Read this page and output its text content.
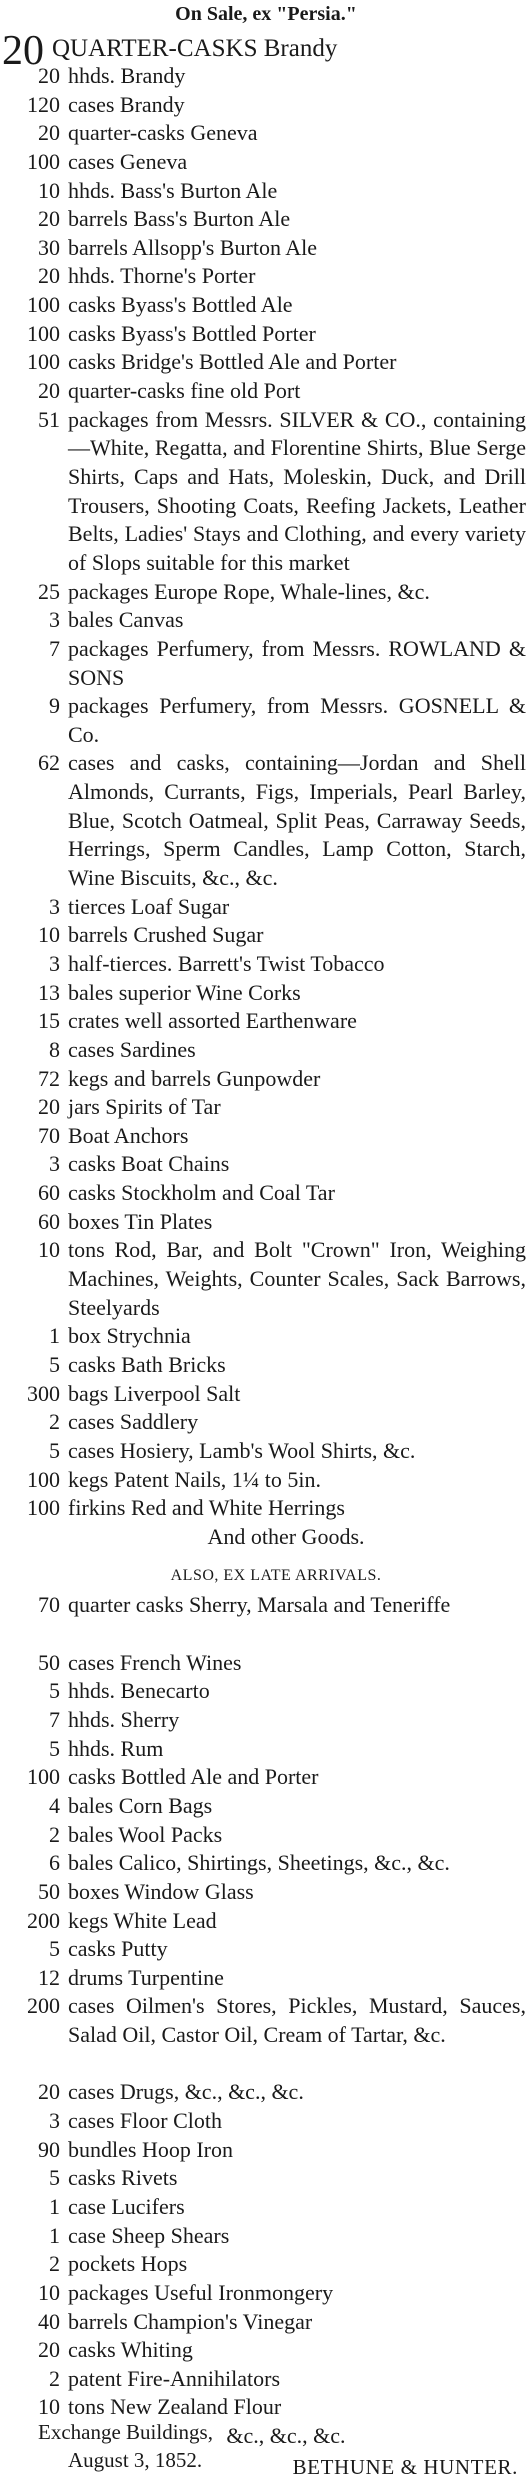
On Sale, ex "Persia."
20 QUARTER-CASKS Brandy
20 hhds. Brandy
120 cases Brandy
20 quarter-casks Geneva
100 cases Geneva
10 hhds. Bass's Burton Ale
20 barrels Bass's Burton Ale
30 barrels Allsopp's Burton Ale
20 hhds. Thorne's Porter
100 casks Byass's Bottled Ale
100 casks Byass's Bottled Porter
100 casks Bridge's Bottled Ale and Porter
20 quarter-casks fine old Port
51 packages from Messrs. SILVER & CO., containing—White, Regatta, and Florentine Shirts, Blue Serge Shirts, Caps and Hats, Moleskin, Duck, and Drill Trousers, Shooting Coats, Reefing Jackets, Leather Belts, Ladies' Stays and Clothing, and every variety of Slops suitable for this market
25 packages Europe Rope, Whale-lines, &c.
3 bales Canvas
7 packages Perfumery, from Messrs. ROWLAND & SONS
9 packages Perfumery, from Messrs. GOSNELL & Co.
62 cases and casks, containing—Jordan and Shell Almonds, Currants, Figs, Imperials, Pearl Barley, Blue, Scotch Oatmeal, Split Peas, Carraway Seeds, Herrings, Sperm Candles, Lamp Cotton, Starch, Wine Biscuits, &c., &c.
3 tierces Loaf Sugar
10 barrels Crushed Sugar
3 half-tierces. Barrett's Twist Tobacco
13 bales superior Wine Corks
15 crates well assorted Earthenware
8 cases Sardines
72 kegs and barrels Gunpowder
20 jars Spirits of Tar
70 Boat Anchors
3 casks Boat Chains
60 casks Stockholm and Coal Tar
60 boxes Tin Plates
10 tons Rod, Bar, and Bolt "Crown" Iron, Weighing Machines, Weights, Counter Scales, Sack Barrows, Steelyards
1 box Strychnia
5 casks Bath Bricks
300 bags Liverpool Salt
2 cases Saddlery
5 cases Hosiery, Lamb's Wool Shirts, &c.
100 kegs Patent Nails, 1¼ to 5in.
100 firkins Red and White Herrings
And other Goods.
ALSO, EX LATE ARRIVALS.
70 quarter casks Sherry, Marsala and Teneriffe
50 cases French Wines
5 hhds. Benecarto
7 hhds. Sherry
5 hhds. Rum
100 casks Bottled Ale and Porter
4 bales Corn Bags
2 bales Wool Packs
6 bales Calico, Shirtings, Sheetings, &c., &c.
50 boxes Window Glass
200 kegs White Lead
5 casks Putty
12 drums Turpentine
200 cases Oilmen's Stores, Pickles, Mustard, Sauces, Salad Oil, Castor Oil, Cream of Tartar, &c.
20 cases Drugs, &c., &c., &c.
3 cases Floor Cloth
90 bundles Hoop Iron
5 casks Rivets
1 case Lucifers
1 case Sheep Shears
2 pockets Hops
10 packages Useful Ironmongery
40 barrels Champion's Vinegar
20 casks Whiting
2 patent Fire-Annihilators
10 tons New Zealand Flour
&c., &c., &c.
BETHUNE & HUNTER.
Exchange Buildings,
August 3, 1852.
